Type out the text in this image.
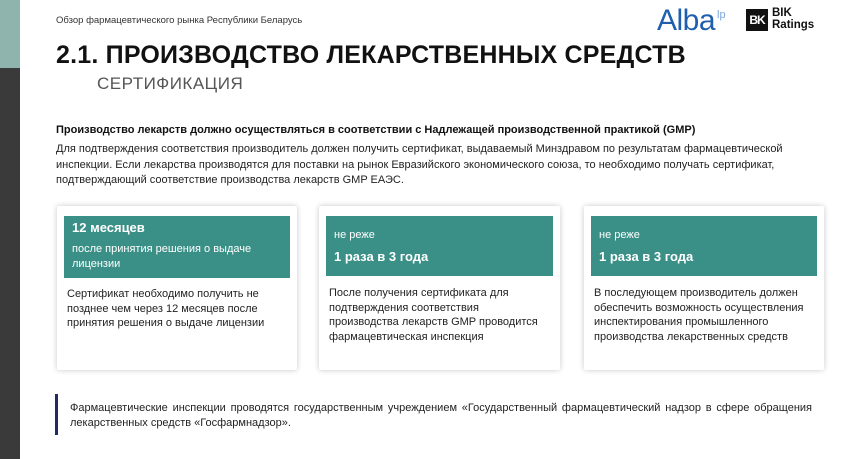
Обзор фармацевтического рынка Республики Беларусь	Alba lp BK BIK
Ratings
2.1. ПРОИЗВОДСТВО ЛЕКАРСТВЕННЫХ СРЕДСТВ
СЕРТИФИКАЦИЯ
Производство лекарств должно осуществляться в соответствии с Надлежащей производственной практикой (GMP)
Для подтверждения соответствия производитель должен получить сертификат, выдаваемый Минздравом по результатам фармацевтической инспекции. Если лекарства производятся для поставки на рынок Евразийского экономического союза, то необходимо получать сертификат, подтверждающий соответствие производства лекарств GMP ЕАЭС.
12 месяцев
после принятия решения о выдаче лицензии
Сертификат необходимо получить не позднее чем через 12 месяцев после принятия решения о выдаче лицензии
не реже
1 раза в 3 года
После получения сертификата для подтверждения соответствия производства лекарств GMP проводится фармацевтическая инспекция
не реже
1 раза в 3 года
В последующем производитель должен обеспечить возможность осуществления инспектирования промышленного производства лекарственных средств
Фармацевтические инспекции проводятся государственным учреждением «Государственный фармацевтический надзор в сфере обращения лекарственных средств «Госфармнадзор».
